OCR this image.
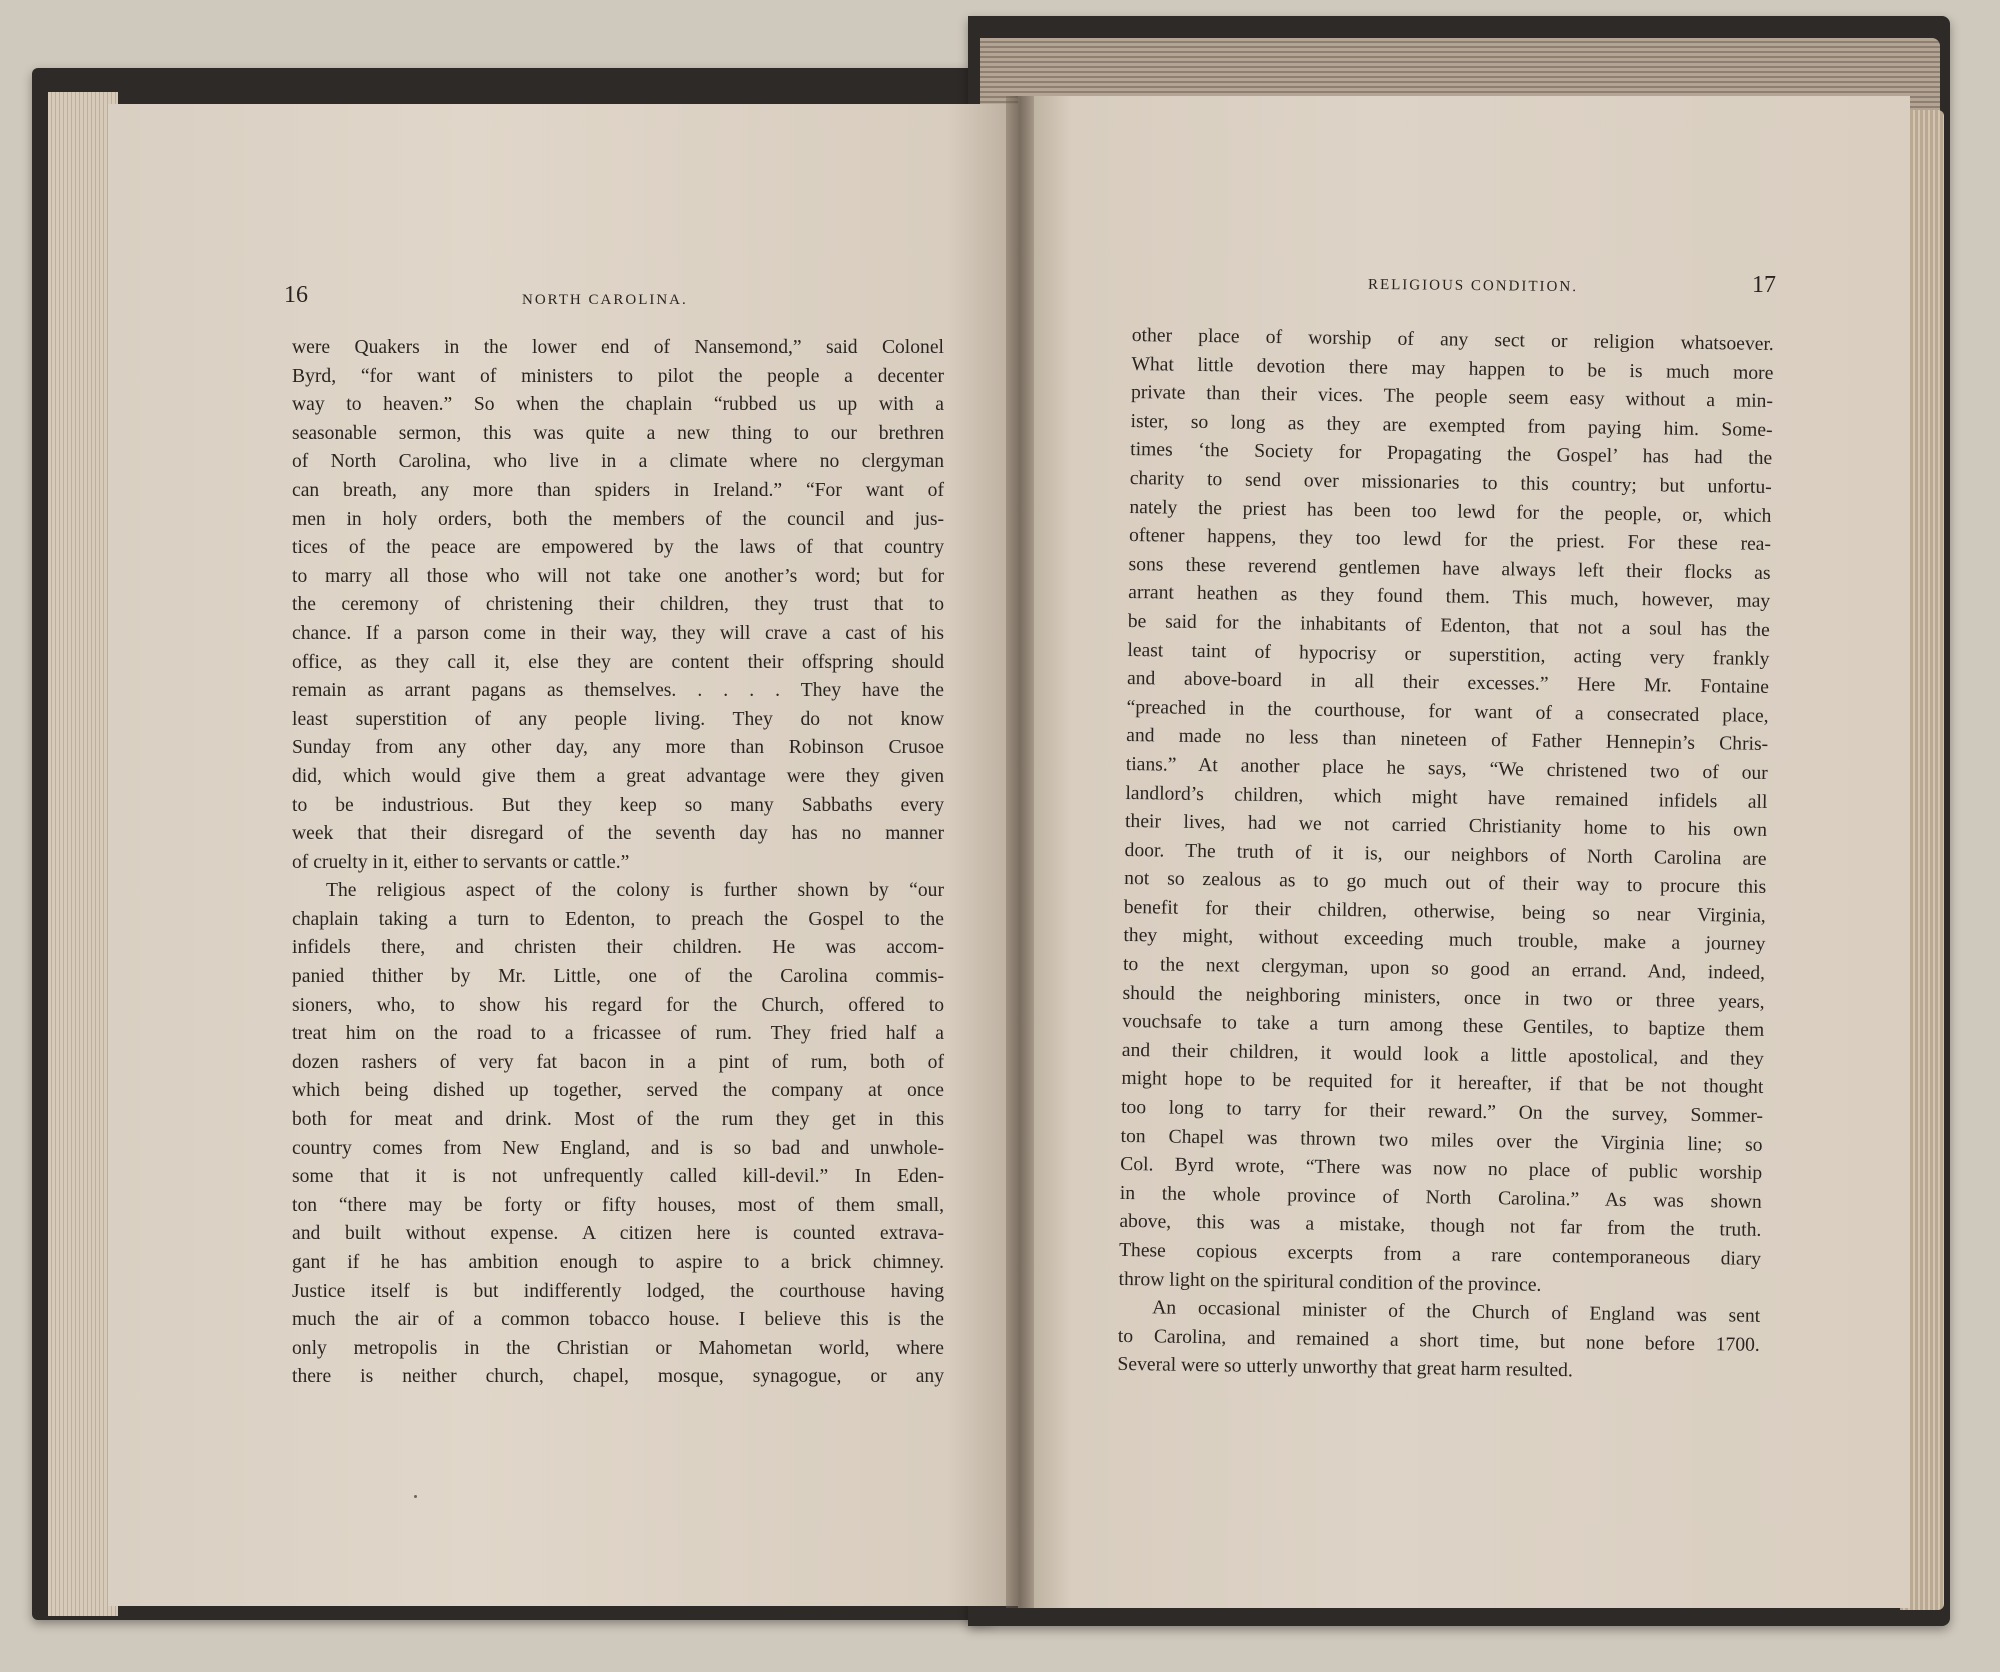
16	NORTH CAROLINA.
RELIGIOUS CONDITION.	17
were Quakers in the lower end of Nansemond,” said Colonel
Byrd, “for want of ministers to pilot the people a decenter
way to heaven.” So when the chaplain “rubbed us up with a
seasonable sermon, this was quite a new thing to our brethren
of North Carolina, who live in a climate where no clergyman
can breath, any more than spiders in Ireland.” “For want of
men in holy orders, both the members of the council and jus-
tices of the peace are empowered by the laws of that country
to marry all those who will not take one another’s word; but for
the ceremony of christening their children, they trust that to
chance. If a parson come in their way, they will crave a cast of his
office, as they call it, else they are content their offspring should
remain as arrant pagans as themselves. . . . . They have the
least superstition of any people living. They do not know
Sunday from any other day, any more than Robinson Crusoe
did, which would give them a great advantage were they given
to be industrious. But they keep so many Sabbaths every
week that their disregard of the seventh day has no manner
of cruelty in it, either to servants or cattle.”
The religious aspect of the colony is further shown by “our
chaplain taking a turn to Edenton, to preach the Gospel to the
infidels there, and christen their children. He was accom-
panied thither by Mr. Little, one of the Carolina commis-
sioners, who, to show his regard for the Church, offered to
treat him on the road to a fricassee of rum. They fried half a
dozen rashers of very fat bacon in a pint of rum, both of
which being dished up together, served the company at once
both for meat and drink. Most of the rum they get in this
country comes from New England, and is so bad and unwhole-
some that it is not unfrequently called kill-devil.” In Eden-
ton “there may be forty or fifty houses, most of them small,
and built without expense. A citizen here is counted extrava-
gant if he has ambition enough to aspire to a brick chimney.
Justice itself is but indifferently lodged, the courthouse having
much the air of a common tobacco house. I believe this is the
only metropolis in the Christian or Mahometan world, where
there is neither church, chapel, mosque, synagogue, or any
other place of worship of any sect or religion whatsoever.
What little devotion there may happen to be is much more
private than their vices. The people seem easy without a min-
ister, so long as they are exempted from paying him. Some-
times ‘the Society for Propagating the Gospel’ has had the
charity to send over missionaries to this country; but unfortu-
nately the priest has been too lewd for the people, or, which
oftener happens, they too lewd for the priest. For these rea-
sons these reverend gentlemen have always left their flocks as
arrant heathen as they found them. This much, however, may
be said for the inhabitants of Edenton, that not a soul has the
least taint of hypocrisy or superstition, acting very frankly
and above-board in all their excesses.” Here Mr. Fontaine
“preached in the courthouse, for want of a consecrated place,
and made no less than nineteen of Father Hennepin’s Chris-
tians.” At another place he says, “We christened two of our
landlord’s children, which might have remained infidels all
their lives, had we not carried Christianity home to his own
door. The truth of it is, our neighbors of North Carolina are
not so zealous as to go much out of their way to procure this
benefit for their children, otherwise, being so near Virginia,
they might, without exceeding much trouble, make a journey
to the next clergyman, upon so good an errand. And, indeed,
should the neighboring ministers, once in two or three years,
vouchsafe to take a turn among these Gentiles, to baptize them
and their children, it would look a little apostolical, and they
might hope to be requited for it hereafter, if that be not thought
too long to tarry for their reward.” On the survey, Sommer-
ton Chapel was thrown two miles over the Virginia line; so
Col. Byrd wrote, “There was now no place of public worship
in the whole province of North Carolina.” As was shown
above, this was a mistake, though not far from the truth.
These copious excerpts from a rare contemporaneous diary
throw light on the spiritural condition of the province.
An occasional minister of the Church of England was sent
to Carolina, and remained a short time, but none before 1700.
Several were so utterly unworthy that great harm resulted.
